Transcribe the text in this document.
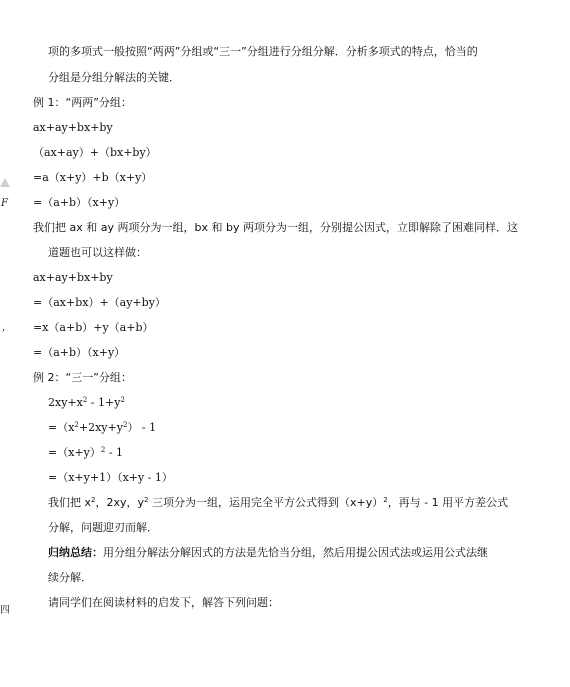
F
,
四
项的多项式一般按照“两两”分组或“三一”分组进行分组分解．分析多项式的特点，恰当的
分组是分组分解法的关键．
例 1：“两两”分组：
ax+ay+bx+by
（ax+ay）+（bx+by）
=a（x+y）+b（x+y）
=（a+b）（x+y）
我们把 ax 和 ay 两项分为一组，bx 和 by 两项分为一组，分别提公因式，立即解除了困难同样．这
道题也可以这样做：
ax+ay+bx+by
=（ax+bx）+（ay+by）
=x（a+b）+y（a+b）
=（a+b）（x+y）
例 2：“三一”分组：
$2xy+x^2 - 1+y^2$
$=(x^2+2xy+y^2) - 1$
$=(x+y)^2 - 1$
=（x+y+1）（x+y - 1）
我们把 $x^2$，2xy，$y^2$ 三项分为一组，运用完全平方公式得到$(x+y)^2$，再与 - 1 用平方差公式
分解，问题迎刃而解．
归纳总结：用分组分解法分解因式的方法是先恰当分组，然后用提公因式法或运用公式法继
续分解．
请同学们在阅读材料的启发下，解答下列问题：
